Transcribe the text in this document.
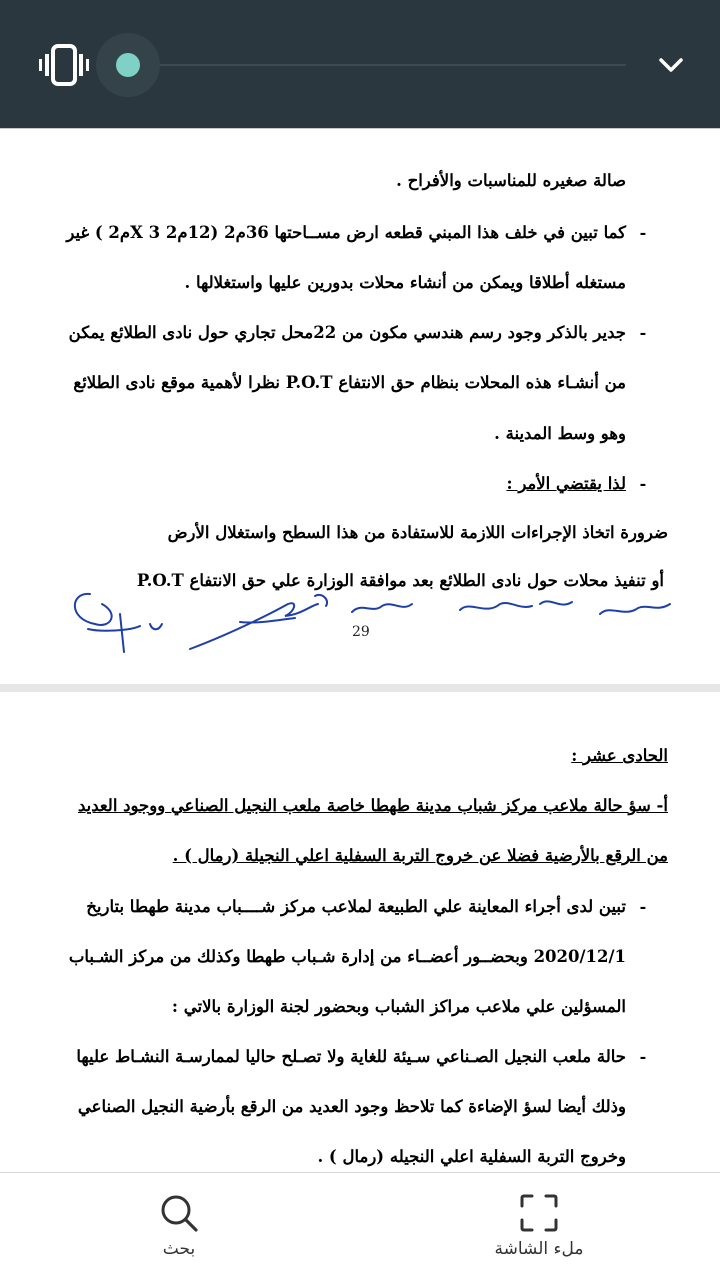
صالة صغيره للمناسبات والأفراح .
-
كما تبين في خلف هذا المبني قطعه ارض مســاحتها 36م2 (12م2 X 3م2 ) غير
مستغله أطلاقا ويمكن من أنشاء محلات بدورين عليها واستغلالها .
-
جدير بالذكر وجود رسم هندسي مكون من 22محل تجاري حول نادى الطلائع يمكن
من أنشـاء هذه المحلات بنظام حق الانتفاع P.O.T نظرا لأهمية موقع نادى الطلائع
وهو وسط المدينة .
-
لذا يقتضي الأمر :
ضرورة اتخاذ الإجراءات اللازمة للاستفادة من هذا السطح واستغلال الأرض
أو تنفيذ محلات حول نادى الطلائع بعد موافقة الوزارة علي حق الانتفاع P.O.T
29
الحادى عشر :
أ- سؤ حالة ملاعب مركز شباب مدينة طهطا خاصة ملعب النجيل الصناعي ووجود العديد
من الرقع بالأرضية فضلا عن خروج التربة السفلية اعلي النجيلة (رمال ) .
-
تبين لدى أجراء المعاينة علي الطبيعة لملاعب مركز شــــباب مدينة طهطا بتاريخ
2020/12/1 وبحضــور أعضــاء من إدارة شـباب طهطا وكذلك من مركز الشـباب
المسؤلين علي ملاعب مراكز الشباب وبحضور لجنة الوزارة بالاتي :
-
حالة ملعب النجيل الصـناعي سـيئة للغاية ولا تصـلح حاليا لممارسـة النشـاط عليها
وذلك أيضا لسؤ الإضاءة كما تلاحظ وجود العديد من الرقع بأرضية النجيل الصناعي
وخروج التربة السفلية اعلي النجيله (رمال ) .
بحث	ملء الشاشة
